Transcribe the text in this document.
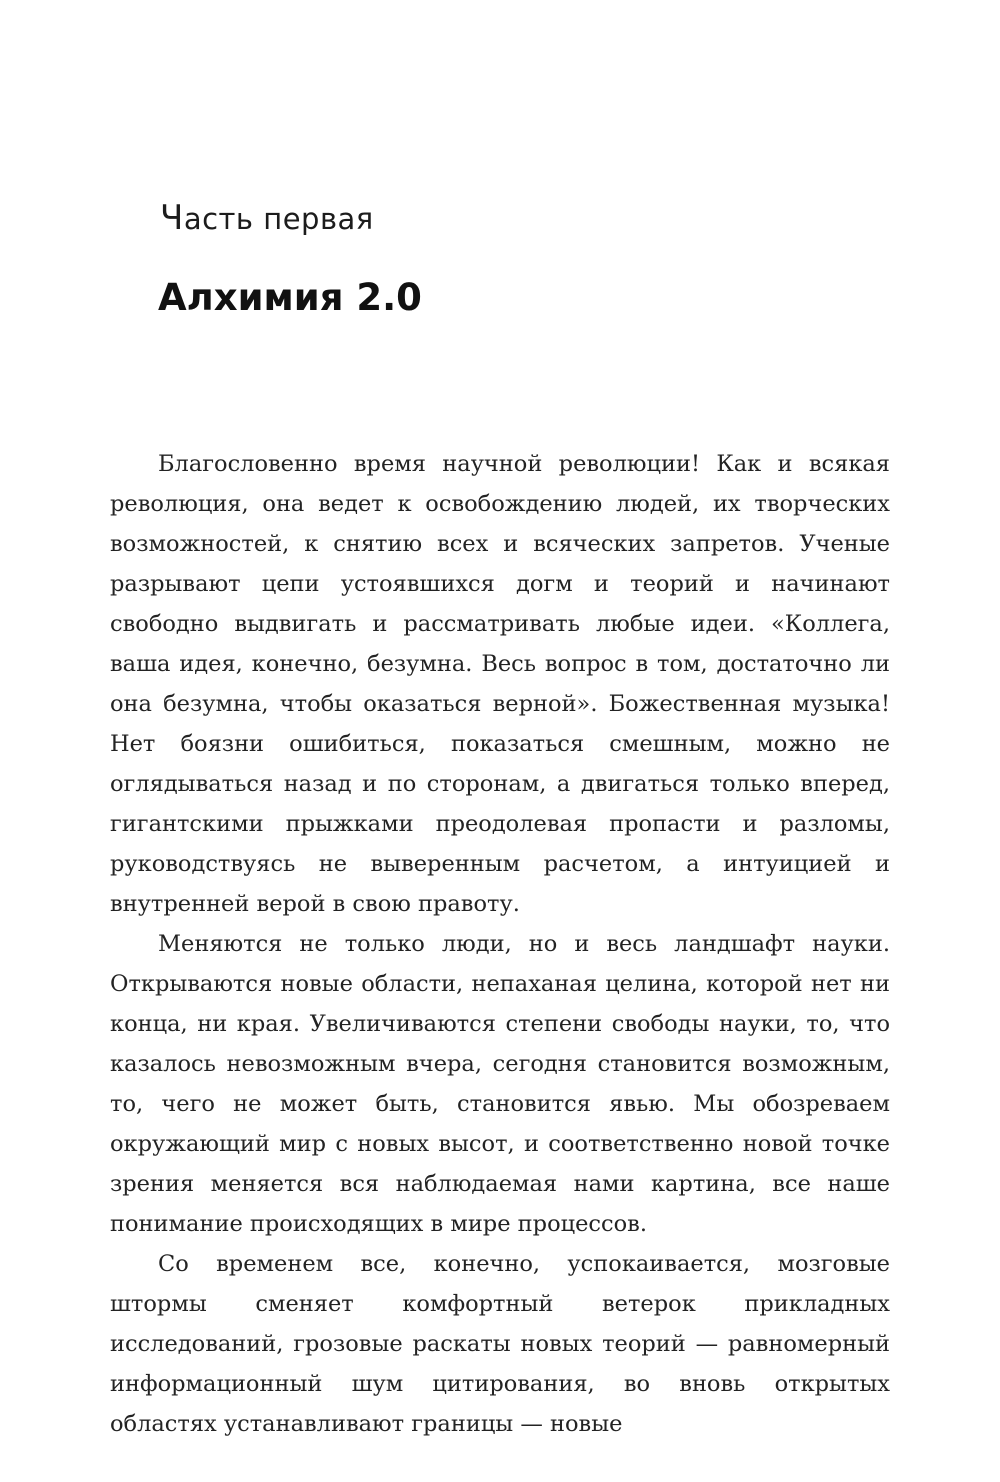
Часть первая
Алхимия 2.0

Благословенно время научной революции! Как и всякая революция, она ведет к освобождению людей, их творческих возможностей, к снятию всех и всяческих запретов. Ученые разрывают цепи устоявшихся догм и теорий и начинают свободно выдвигать и рассматривать любые идеи. «Коллега, ваша идея, конечно, безумна. Весь вопрос в том, достаточно ли она безумна, чтобы оказаться верной». Божественная музыка! Нет боязни ошибиться, показаться смешным, можно не оглядываться назад и по сторонам, а двигаться только вперед, гигантскими прыжками преодолевая пропасти и разломы, руководствуясь не выверенным расчетом, а интуицией и внутренней верой в свою правоту.

Меняются не только люди, но и весь ландшафт науки. Открываются новые области, непаханая целина, которой нет ни конца, ни края. Увеличиваются степени свободы науки, то, что казалось невозможным вчера, сегодня становится возможным, то, чего не может быть, становится явью. Мы обозреваем окружающий мир с новых высот, и соответственно новой точке зрения меняется вся наблюдаемая нами картина, все наше понимание происходящих в мире процессов.

Со временем все, конечно, успокаивается, мозговые штормы сменяет комфортный ветерок прикладных исследований, грозовые раскаты новых теорий — равномерный информационный шум цитирования, во вновь открытых областях устанавливают границы — новые
